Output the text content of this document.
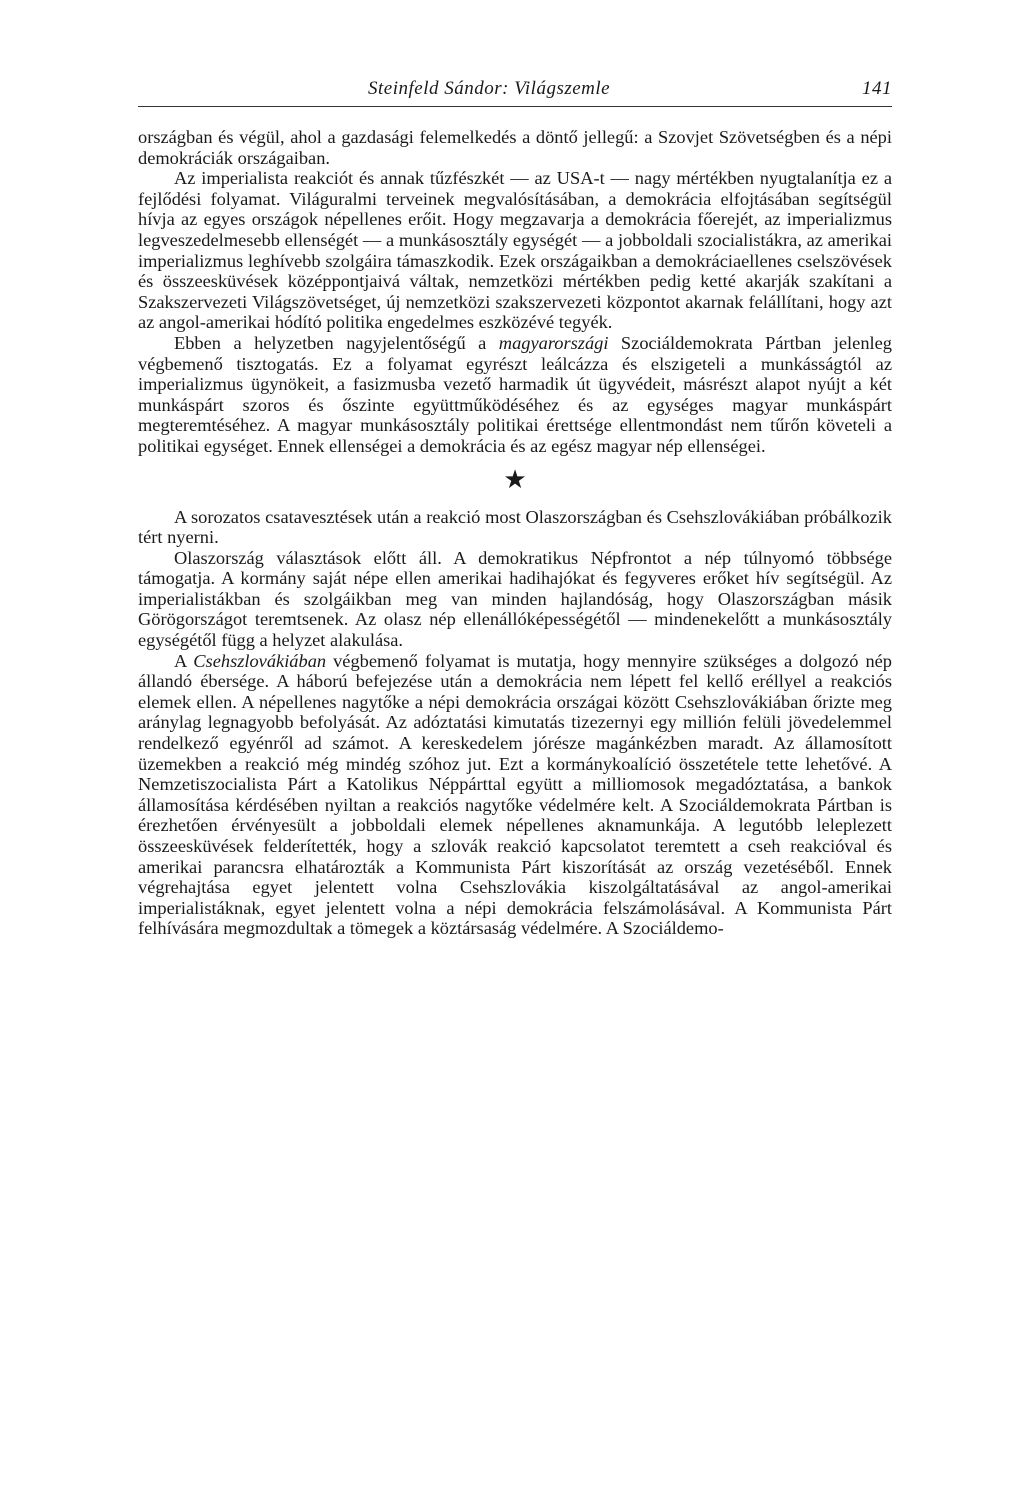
Steinfeld Sándor: Világszemle	141

országban és végül, ahol a gazdasági felemelkedés a döntő jellegű: a Szovjet Szövetségben és a népi demokráciák országaiban.

Az imperialista reakciót és annak tűzfészkét — az USA-t — nagy mértékben nyugtalanítja ez a fejlődési folyamat. Világuralmi terveinek megvalósításában, a demokrácia elfojtásában segítségül hívja az egyes országok népellenes erőit. Hogy megzavarja a demokrácia főerejét, az imperializmus legveszedelmesebb ellenségét — a munkásosztály egységét — a jobboldali szocialistákra, az amerikai imperializmus leghívebb szolgáira támaszkodik. Ezek országaikban a demokráciaellenes cselszövések és összeesküvések középpontjaivá váltak, nemzetközi mértékben pedig ketté akarják szakítani a Szakszervezeti Világszövetséget, új nemzetközi szakszervezeti központot akarnak felállítani, hogy azt az angol-amerikai hódító politika engedelmes eszközévé tegyék.

Ebben a helyzetben nagyjelentőségű a magyarországi Szociáldemokrata Pártban jelenleg végbemenő tisztogatás. Ez a folyamat egyrészt leálcázza és elszigeteli a munkásságtól az imperializmus ügynökeit, a fasizmusba vezető harmadik út ügyvédeit, másrészt alapot nyújt a két munkáspárt szoros és őszinte együttműködéséhez és az egységes magyar munkáspárt megteremtéséhez. A magyar munkásosztály politikai érettsége ellentmondást nem tűrőn követeli a politikai egységet. Ennek ellenségei a demokrácia és az egész magyar nép ellenségei.

★

A sorozatos csatavesztések után a reakció most Olaszországban és Csehszlovákiában próbálkozik tért nyerni.

Olaszország választások előtt áll. A demokratikus Népfrontot a nép túlnyomó többsége támogatja. A kormány saját népe ellen amerikai hadihajókat és fegyveres erőket hív segítségül. Az imperialistákban és szolgáikban meg van minden hajlandóság, hogy Olaszországban másik Görögországot teremtsenek. Az olasz nép ellenállóképességétől — mindenekelőtt a munkásosztály egységétől függ a helyzet alakulása.

A Csehszlovákiában végbemenő folyamat is mutatja, hogy mennyire szükséges a dolgozó nép állandó ébersége. A háború befejezése után a demokrácia nem lépett fel kellő eréllyel a reakciós elemek ellen. A népellenes nagytőke a népi demokrácia országai között Csehszlovákiában őrizte meg aránylag legnagyobb befolyását. Az adóztatási kimutatás tizezernyi egy millión felüli jövedelemmel rendelkező egyénről ad számot. A kereskedelem jórésze magánkézben maradt. Az államosított üzemekben a reakció még mindég szóhoz jut. Ezt a kormánykoalíció összetétele tette lehetővé. A Nemzetiszocialista Párt a Katolikus Néppárttal együtt a milliomosok megadóztatása, a bankok államosítása kérdésében nyiltan a reakciós nagytőke védelmére kelt. A Szociáldemokrata Pártban is érezhetően érvényesült a jobboldali elemek népellenes aknamunkája. A legutóbb leleplezett összeesküvések felderítették, hogy a szlovák reakció kapcsolatot teremtett a cseh reakcióval és amerikai parancsra elhatározták a Kommunista Párt kiszorítását az ország vezetéséből. Ennek végrehajtása egyet jelentett volna Csehszlovákia kiszolgáltatásával az angol-amerikai imperialistáknak, egyet jelentett volna a népi demokrácia felszámolásával. A Kommunista Párt felhívására megmozdultak a tömegek a köztársaság védelmére. A Szociáldemo-
